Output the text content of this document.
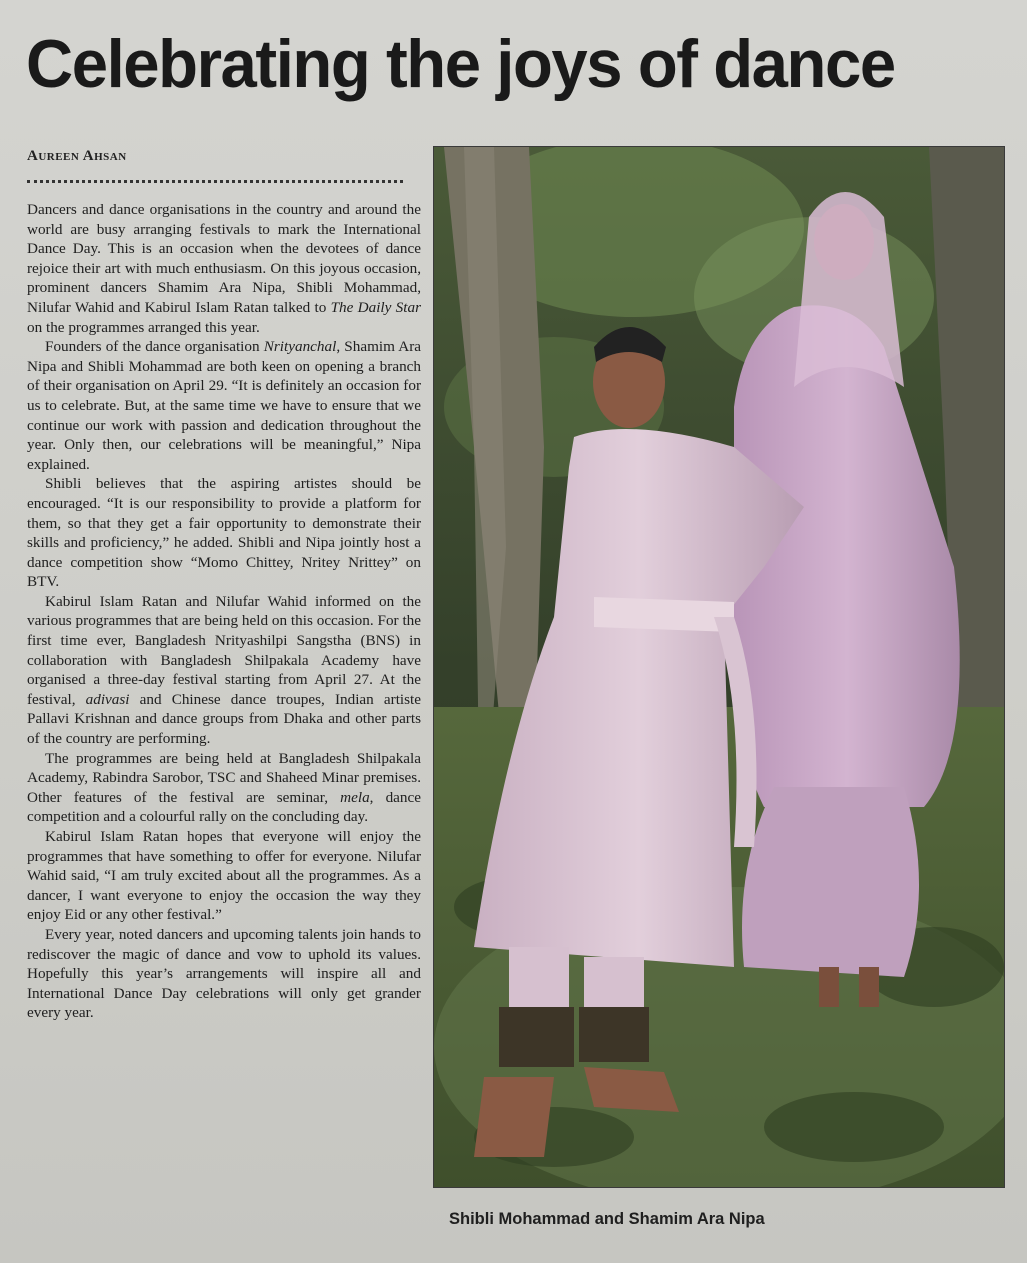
Celebrating the joys of dance
Aureen Ahsan

Dancers and dance organisations in the country and around the world are busy arranging festivals to mark the International Dance Day. This is an occasion when the devotees of dance rejoice their art with much enthusiasm. On this joyous occasion, prominent dancers Shamim Ara Nipa, Shibli Mohammad, Nilufar Wahid and Kabirul Islam Ratan talked to The Daily Star on the programmes arranged this year.

Founders of the dance organisation Nrityanchal, Shamim Ara Nipa and Shibli Mohammad are both keen on opening a branch of their organisation on April 29. “It is definitely an occasion for us to celebrate. But, at the same time we have to ensure that we continue our work with passion and dedication throughout the year. Only then, our celebrations will be meaningful,” Nipa explained.

Shibli believes that the aspiring artistes should be encouraged. “It is our responsibility to provide a platform for them, so that they get a fair opportunity to demonstrate their skills and proficiency,” he added. Shibli and Nipa jointly host a dance competition show “Momo Chittey, Nritey Nrittey” on BTV.

Kabirul Islam Ratan and Nilufar Wahid informed on the various programmes that are being held on this occasion. For the first time ever, Bangladesh Nrityashilpi Sangstha (BNS) in collaboration with Bangladesh Shilpakala Academy have organised a three-day festival starting from April 27. At the festival, adivasi and Chinese dance troupes, Indian artiste Pallavi Krishnan and dance groups from Dhaka and other parts of the country are performing.

The programmes are being held at Bangladesh Shilpakala Academy, Rabindra Sarobor, TSC and Shaheed Minar premises. Other features of the festival are seminar, mela, dance competition and a colourful rally on the concluding day.

Kabirul Islam Ratan hopes that everyone will enjoy the programmes that have something to offer for everyone. Nilufar Wahid said, “I am truly excited about all the programmes. As a dancer, I want everyone to enjoy the occasion the way they enjoy Eid or any other festival.”

Every year, noted dancers and upcoming talents join hands to rediscover the magic of dance and vow to uphold its values. Hopefully this year’s arrangements will inspire all and International Dance Day celebrations will only get grander every year.

Shibli Mohammad and Shamim Ara Nipa
